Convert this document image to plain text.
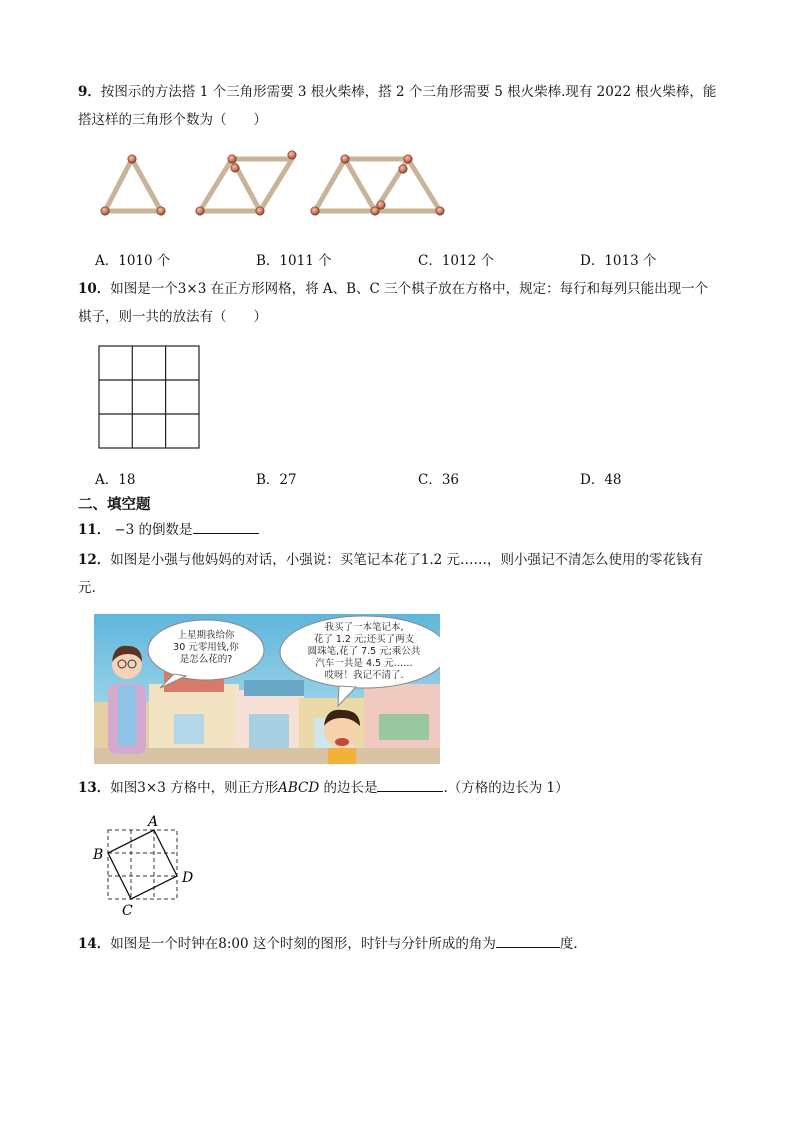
9．按图示的方法搭 1 个三角形需要 3 根火柴棒，搭 2 个三角形需要 5 根火柴棒.现有 2022 根火柴棒，能
搭这样的三角形个数为（　　）
A．1010 个	B．1011 个	C．1012 个	D．1013 个
10．如图是一个3×3 在正方形网格，将 A、B、C 三个棋子放在方格中，规定：每行和每列只能出现一个
棋子，则一共的放法有（　　）
A．18	B．27	C．36	D．48
二、填空题
11． −3 的倒数是
12．如图是小强与他妈妈的对话，小强说：买笔记本花了1.2 元……，则小强记不清怎么使用的零花钱有
元.
上星期我给你
30 元零用钱,你
是怎么花的?
我买了一本笔记本,
花了 1.2 元;还买了两支
圆珠笔,花了 7.5 元;乘公共
汽车一共是 4.5 元……
哎呀！我记不清了.
13．如图3×3 方格中，则正方形ABCD 的边长是	.（方格的边长为 1）
A
B
C
D
14．如图是一个时钟在8:00 这个时刻的图形，时针与分针所成的角为	度.
